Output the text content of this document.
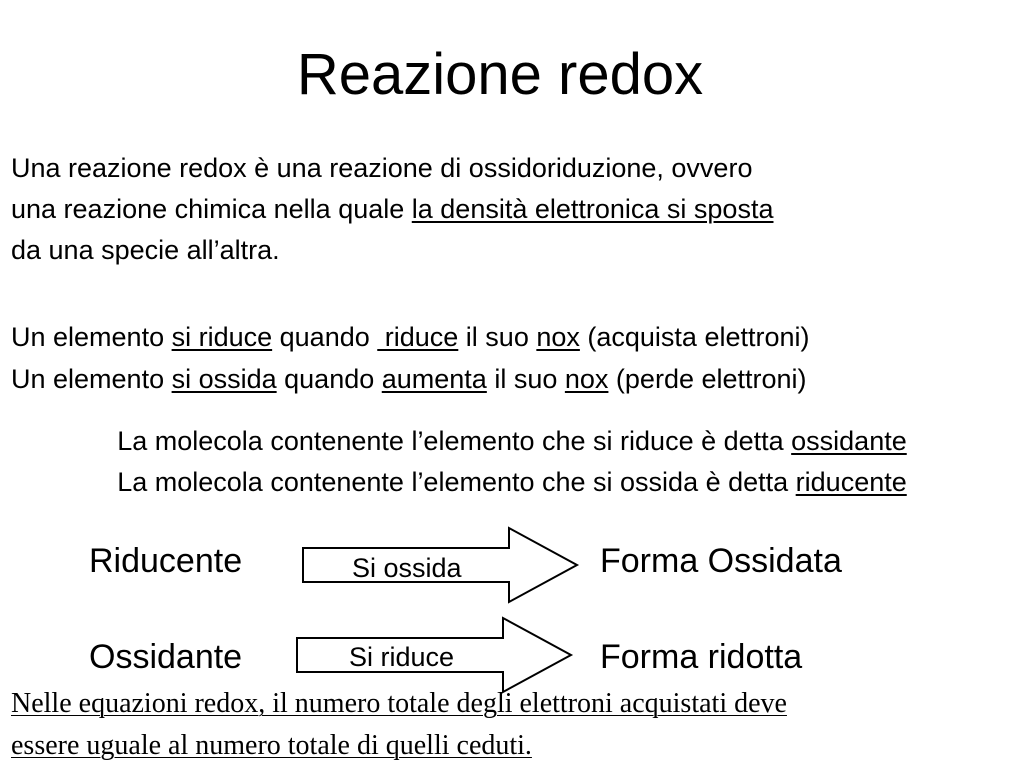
Reazione redox
Una reazione redox è una reazione di ossidoriduzione, ovvero
una reazione chimica nella quale la densità elettronica si sposta
da una specie all’altra.
Un elemento si riduce quando  riduce il suo nox (acquista elettroni)
Un elemento si ossida quando aumenta il suo nox (perde elettroni)
La molecola contenente l’elemento che si riduce è detta ossidante
La molecola contenente l’elemento che si ossida è detta riducente
Riducente	Si ossida	Forma Ossidata
Ossidante	Si riduce	Forma ridotta
Nelle equazioni redox, il numero totale degli elettroni acquistati deve
essere uguale al numero totale di quelli ceduti.
